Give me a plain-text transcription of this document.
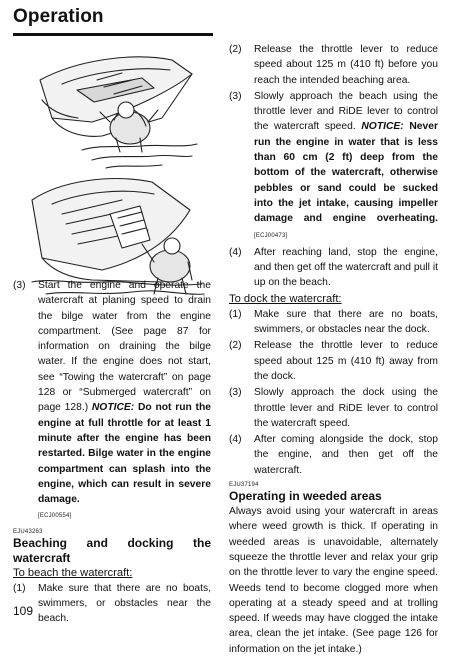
Operation
(3)	Start the engine and operate the watercraft at planing speed to drain the bilge water from the engine compartment. (See page 87 for information on draining the bilge water. If the engine does not start, see “Towing the watercraft” on page 128 or “Submerged watercraft” on page 128.) NOTICE: Do not run the engine at full throttle for at least 1 minute after the engine has been restarted. Bilge water in the engine compartment can splash into the engine, which can result in severe damage.
[ECJ00554]

EJU43263

Beaching and docking the watercraft

To beach the watercraft:

(1)	Make sure that there are no boats, swimmers, or obstacles near the beach.
(2)	Release the throttle lever to reduce speed about 125 m (410 ft) before you reach the intended beaching area.
(3)	Slowly approach the beach using the throttle lever and RiDE lever to control the watercraft speed. NOTICE: Never run the engine in water that is less than 60 cm (2 ft) deep from the bottom of the watercraft, otherwise pebbles or sand could be sucked into the jet intake, causing impeller damage and engine overheating. [ECJ00473]
(4)	After reaching land, stop the engine, and then get off the watercraft and pull it up on the beach.

To dock the watercraft:

(1)	Make sure that there are no boats, swimmers, or obstacles near the dock.
(2)	Release the throttle lever to reduce speed about 125 m (410 ft) away from the dock.
(3)	Slowly approach the dock using the throttle lever and RiDE lever to control the watercraft speed.
(4)	After coming alongside the dock, stop the engine, and then get off the watercraft.

EJU37194

Operating in weeded areas

Always avoid using your watercraft in areas where weed growth is thick. If operating in weeded areas is unavoidable, alternately squeeze the throttle lever and relax your grip on the throttle lever to vary the engine speed. Weeds tend to become clogged more when operating at a steady speed and at trolling speed. If weeds may have clogged the intake area, clean the jet intake. (See page 126 for information on the jet intake.)

109
